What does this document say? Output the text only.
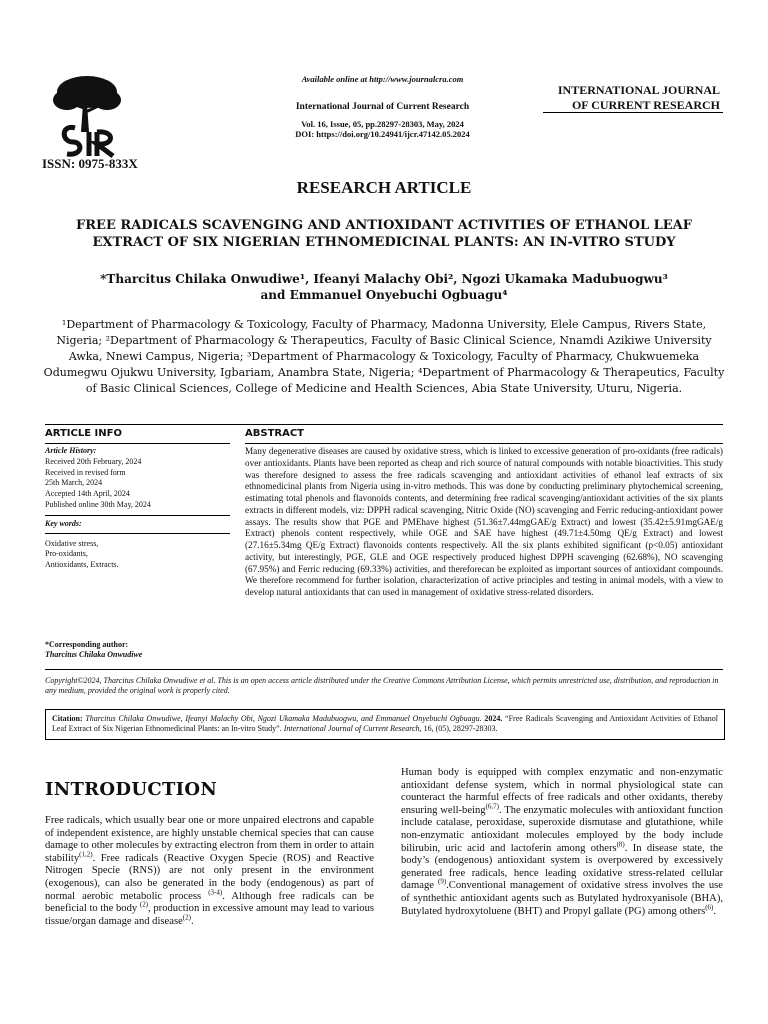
ISSN: 0975-833X
Available online at http://www.journalcra.com
International Journal of Current Research
Vol. 16, Issue, 05, pp.28297-28303, May, 2024
DOI: https://doi.org/10.24941/ijcr.47142.05.2024
INTERNATIONAL JOURNAL
OF CURRENT RESEARCH
RESEARCH ARTICLE
FREE RADICALS SCAVENGING AND ANTIOXIDANT ACTIVITIES OF ETHANOL LEAF EXTRACT OF SIX NIGERIAN ETHNOMEDICINAL PLANTS: AN IN-VITRO STUDY
*Tharcitus Chilaka Onwudiwe¹, Ifeanyi Malachy Obi², Ngozi Ukamaka Madubuogwu³
and Emmanuel Onyebuchi Ogbuagu⁴
¹Department of Pharmacology & Toxicology, Faculty of Pharmacy, Madonna University, Elele Campus, Rivers State, Nigeria; ²Department of Pharmacology & Therapeutics, Faculty of Basic Clinical Science, Nnamdi Azikiwe University Awka, Nnewi Campus, Nigeria; ³Department of Pharmacology & Toxicology, Faculty of Pharmacy, Chukwuemeka Odumegwu Ojukwu University, Igbariam, Anambra State, Nigeria; ⁴Department of Pharmacology & Therapeutics, Faculty of Basic Clinical Sciences, College of Medicine and Health Sciences, Abia State University, Uturu, Nigeria.
ARTICLE INFO	ABSTRACT
Article History:
Received 20th February, 2024
Received in revised form
25th March, 2024
Accepted 14th April, 2024
Published online 30th May, 2024
Key words:
Oxidative stress,
Pro-oxidants,
Antioxidants, Extracts.
*Corresponding author:
Tharcitus Chilaka Onwudiwe
Many degenerative diseases are caused by oxidative stress, which is linked to excessive generation of pro-oxidants (free radicals) over antioxidants. Plants have been reported as cheap and rich source of natural compounds with notable bioactivities. This study was therefore designed to assess the free radicals scavenging and antioxidant activities of ethanol leaf extracts of six ethnomedicinal plants from Nigeria using in-vitro methods. This was done by conducting preliminary phytochemical screening, estimating total phenols and flavonoids contents, and determining free radical scavenging/antioxidant activities of the six plants extracts in different models, viz: DPPH radical scavenging, Nitric Oxide (NO) scavenging and Ferric reducing-antioxidant power assays. The results show that PGE and PMEhave highest (51.36±7.44mgGAE/g Extract) and lowest (35.42±5.91mgGAE/g Extract) phenols content respectively, while OGE and SAE have highest (49.71±4.50mg QE/g Extract) and lowest (27.16±5.34mg QE/g Extract) flavonoids contents respectively. All the six plants exhibited significant (p<0.05) antioxidant activity, but interestingly, PGE, GLE and OGE respectively produced highest DPPH scavenging (62.68%), NO scavenging (67.95%) and Ferric reducing (69.33%) activities, and thereforecan be exploited as important sources of antioxidant compounds. We therefore recommend for further isolation, characterization of active principles and testing in animal models, with a view to develop natural antioxidants that can used in management of oxidative stress-related disorders.
Copyright©2024, Tharcitus Chilaka Onwudiwe et al. This is an open access article distributed under the Creative Commons Attribution License, which permits unrestricted use, distribution, and reproduction in any medium, provided the original work is properly cited.
Citation: Tharcitus Chilaka Onwudiwe, Ifeanyi Malachy Obi, Ngozi Ukamaka Madubuogwu, and Emmanuel Onyebuchi Ogbuagu. 2024. “Free Radicals Scavenging and Antioxidant Activities of Ethanol Leaf Extract of Six Nigerian Ethnomedicinal Plants: an In-vitro Study”. International Journal of Current Research, 16, (05), 28297-28303.
INTRODUCTION
Free radicals, which usually bear one or more unpaired electrons and capable of independent existence, are highly unstable chemical species that can cause damage to other molecules by extracting electron from them in order to attain stability$^{(1,2)}$. Free radicals (Reactive Oxygen Specie (ROS) and Reactive Nitrogen Specie (RNS)) are not only present in the environment (exogenous), can also be generated in the body (endogenous) as part of normal aerobic metabolic process $^{(3-4)}$. Although free radicals can be beneficial to the body $^{(2)}$, production in excessive amount may lead to various tissue/organ damage and disease$^{(2)}$.
Human body is equipped with complex enzymatic and non-enzymatic antioxidant defense system, which in normal physiological state can counteract the harmful effects of free radicals and other oxidants, thereby ensuring well-being$^{(6,7)}$. The enzymatic molecules with antioxidant function include catalase, peroxidase, superoxide dismutase and glutathione, while non-enzymatic antioxidant molecules employed by the body include bilirubin, uric acid and lactoferin among others$^{(8)}$. In disease state, the body’s (endogenous) antioxidant system is overpowered by excessively generated free radicals, hence leading oxidative stress-related cellular damage $^{(9)}$.Conventional management of oxidative stress involves the use of synthethic antioxidant agents such as Butylated hydroxyanisole (BHA), Butylated hydroxytoluene (BHT) and Propyl gallate (PG) among others$^{(6)}$.
